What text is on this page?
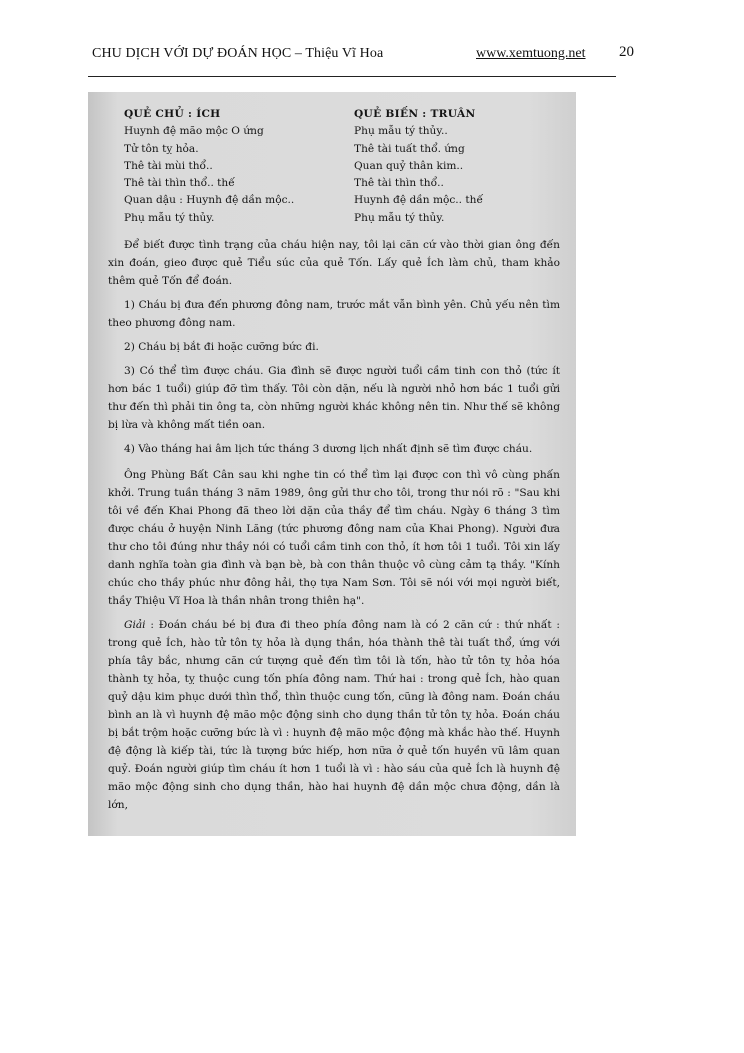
CHU DỊCH VỚI DỰ ĐOÁN HỌC – Thiệu Vĩ Hoa	www.xemtuong.net 20
QUẺ CHỦ : ÍCH
Huynh đệ mão mộc O ứng
Tử tôn tỵ hỏa.
Thê tài mùi thổ..
Thê tài thìn thổ.. thế
Quan dậu : Huynh đệ dần mộc..
Phụ mẫu tý thủy.
QUẺ BIẾN : TRUÂN
Phụ mẫu tý thủy..
Thê tài tuất thổ. ứng
Quan quỷ thân kim..
Thê tài thìn thổ..
Huynh đệ dần mộc.. thế
Phụ mẫu tý thủy.

Để biết được tình trạng của cháu hiện nay, tôi lại căn cứ vào thời gian ông đến xin đoán, gieo được quẻ Tiểu súc của quẻ Tốn. Lấy quẻ Ích làm chủ, tham khảo thêm quẻ Tốn để đoán.

1) Cháu bị đưa đến phương đông nam, trước mắt vẫn bình yên. Chủ yếu nên tìm theo phương đông nam.

2) Cháu bị bắt đi hoặc cưỡng bức đi.

3) Có thể tìm được cháu. Gia đình sẽ được người tuổi cầm tinh con thỏ (tức ít hơn bác 1 tuổi) giúp đỡ tìm thấy. Tôi còn dặn, nếu là người nhỏ hơn bác 1 tuổi gửi thư đến thì phải tin ông ta, còn những người khác không nên tin. Như thế sẽ không bị lừa và không mất tiền oan.

4) Vào tháng hai âm lịch tức tháng 3 dương lịch nhất định sẽ tìm được cháu.

Ông Phùng Bất Cân sau khi nghe tin có thể tìm lại được con thì vô cùng phấn khởi. Trung tuần tháng 3 năm 1989, ông gửi thư cho tôi, trong thư nói rõ : "Sau khi tôi về đến Khai Phong đã theo lời dặn của thầy để tìm cháu. Ngày 6 tháng 3 tìm được cháu ở huyện Ninh Lăng (tức phương đông nam của Khai Phong). Người đưa thư cho tôi đúng như thầy nói có tuổi cầm tinh con thỏ, ít hơn tôi 1 tuổi. Tôi xin lấy danh nghĩa toàn gia đình và bạn bè, bà con thân thuộc vô cùng cảm tạ thầy. "Kính chúc cho thầy phúc như đông hải, thọ tựa Nam Sơn. Tôi sẽ nói với mọi người biết, thầy Thiệu Vĩ Hoa là thần nhân trong thiên hạ".

Giải : Đoán cháu bé bị đưa đi theo phía đông nam là có 2 căn cứ : thứ nhất : trong quẻ Ích, hào tử tôn tỵ hỏa là dụng thần, hóa thành thê tài tuất thổ, ứng với phía tây bắc, nhưng căn cứ tượng quẻ đến tìm tôi là tốn, hào tử tôn tỵ hỏa hóa thành tỵ hỏa, tỵ thuộc cung tốn phía đông nam. Thứ hai : trong quẻ Ích, hào quan quỷ dậu kim phục dưới thìn thổ, thìn thuộc cung tốn, cũng là đông nam. Đoán cháu bình an là vì huynh đệ mão mộc động sinh cho dụng thần tử tôn tỵ hỏa. Đoán cháu bị bắt trộm hoặc cưỡng bức là vì : huynh đệ mão mộc động mà khắc hào thế. Huynh đệ động là kiếp tài, tức là tượng bức hiếp, hơn nữa ở quẻ tốn huyền vũ lâm quan quỷ. Đoán người giúp tìm cháu ít hơn 1 tuổi là vì : hào sáu của quẻ Ích là huynh đệ mão mộc động sinh cho dụng thần, hào hai huynh đệ dần mộc chưa động, dần là lớn,
